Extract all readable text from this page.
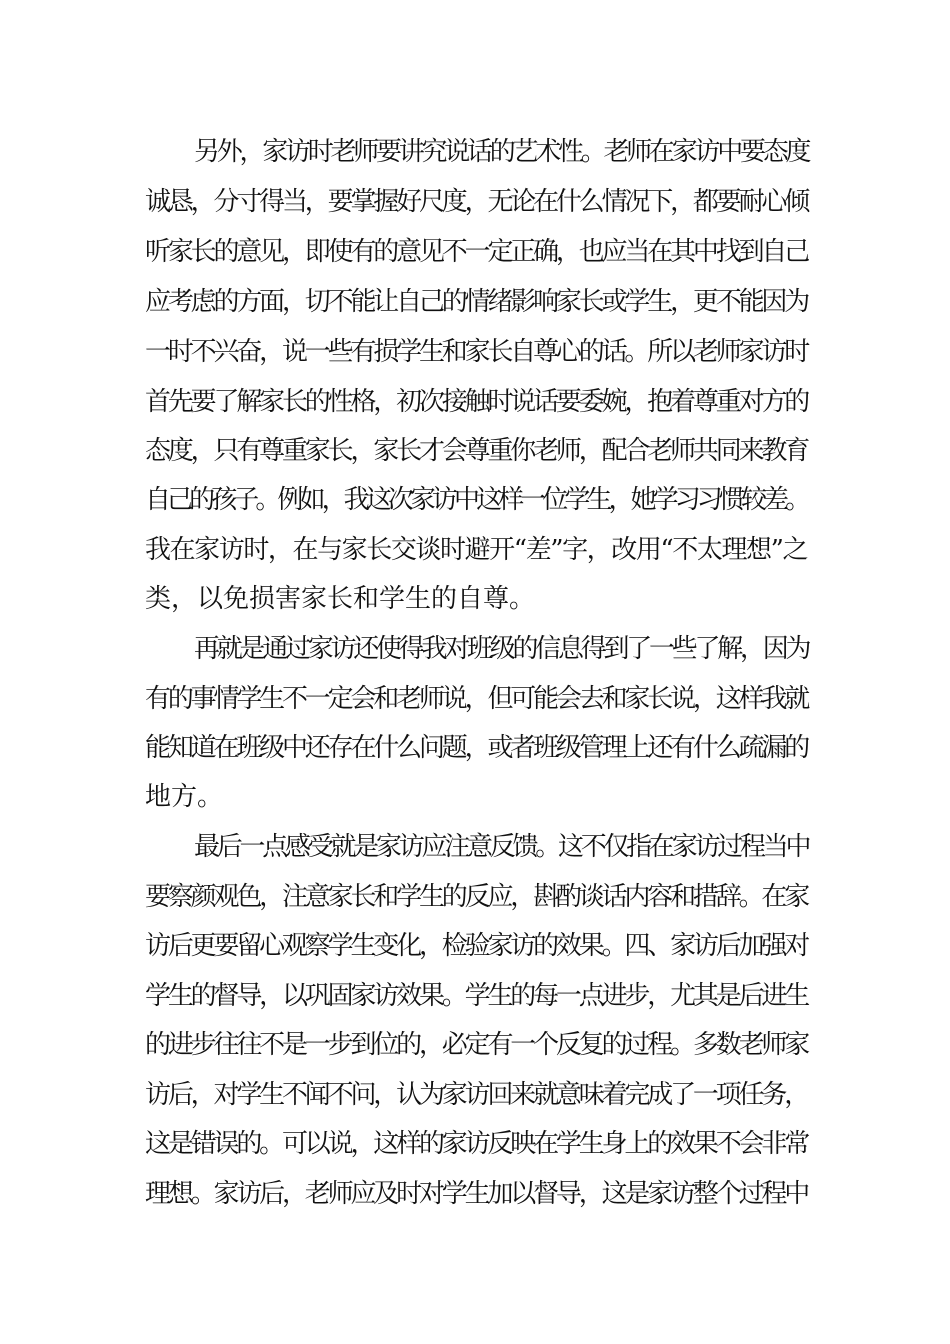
另外，家访时老师要讲究说话的艺术性。老师在家访中要态度
诚恳，分寸得当，要掌握好尺度，无论在什么情况下，都要耐心倾
听家长的意见，即使有的意见不一定正确，也应当在其中找到自己
应考虑的方面，切不能让自己的情绪影响家长或学生，更不能因为
一时不兴奋，说一些有损学生和家长自尊心的话。所以老师家访时
首先要了解家长的性格，初次接触时说话要委婉，抱着尊重对方的
态度，只有尊重家长，家长才会尊重你老师，配合老师共同来教育
自己的孩子。例如，我这次家访中这样一位学生，她学习习惯较差。
我在家访时，在与家长交谈时避开“差”字，改用“不太理想”之
类，以免损害家长和学生的自尊。
再就是通过家访还使得我对班级的信息得到了一些了解，因为
有的事情学生不一定会和老师说，但可能会去和家长说，这样我就
能知道在班级中还存在什么问题，或者班级管理上还有什么疏漏的
地方。
最后一点感受就是家访应注意反馈。这不仅指在家访过程当中
要察颜观色，注意家长和学生的反应，斟酌谈话内容和措辞。在家
访后更要留心观察学生变化，检验家访的效果。四、家访后加强对
学生的督导，以巩固家访效果。学生的每一点进步，尤其是后进生
的进步往往不是一步到位的，必定有一个反复的过程。多数老师家
访后，对学生不闻不问，认为家访回来就意味着完成了一项任务，
这是错误的。可以说，这样的家访反映在学生身上的效果不会非常
理想。家访后，老师应及时对学生加以督导，这是家访整个过程中
